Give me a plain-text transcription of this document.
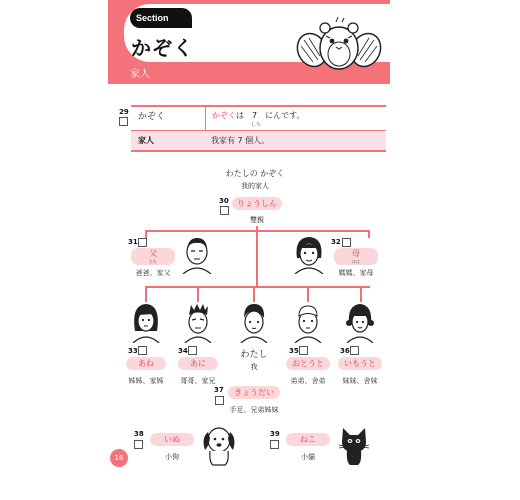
Section 3
かぞく
家人
29 かぞく	かぞくは　7　にんです。
しち
家人	我家有 7 個人。
わたしの かぞく
我的家人
30	りょうしん
雙親
31
父
ちち
爸爸、家父
32
母
はは
媽媽、家母
33
あね
姊姊、家姊
34
あに
哥哥、家兄
わたし
我
35
おとうと
弟弟、舍弟
36
いもうと
妹妹、舍妹
37	きょうだい
手足、兄弟姊妹
38
いぬ
小狗
39
ねこ
小貓
16
